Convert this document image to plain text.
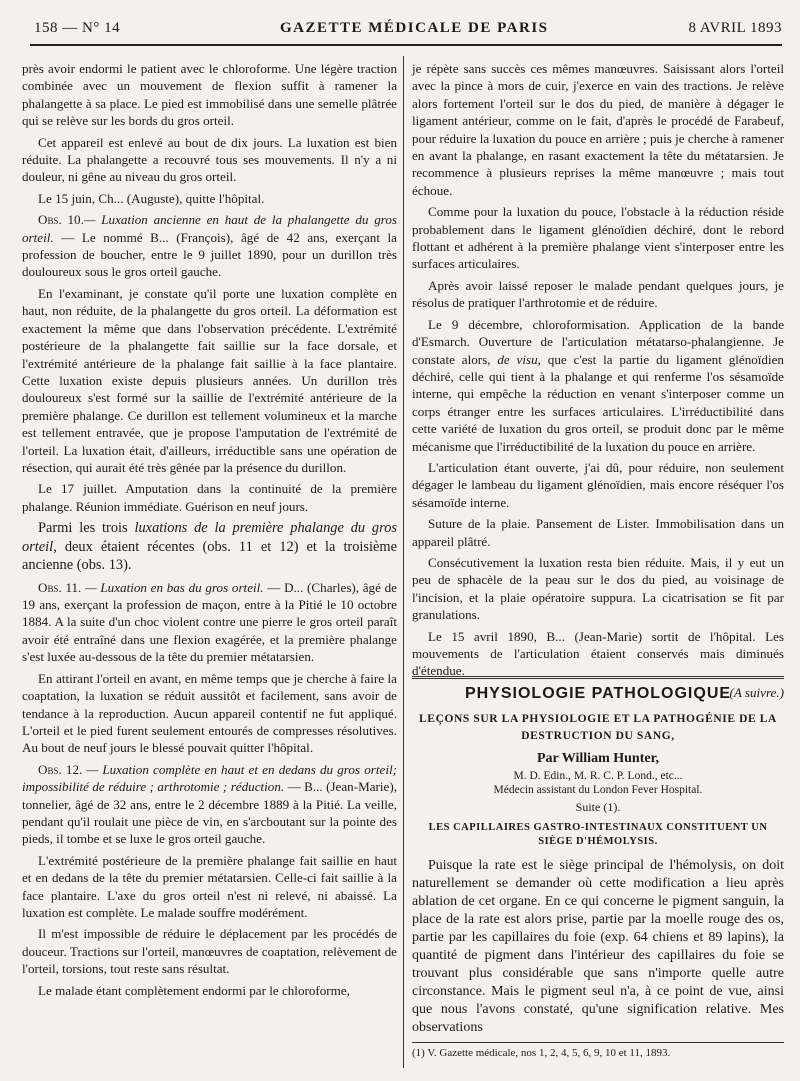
158 — N° 14	GAZETTE MÉDICALE DE PARIS	8 AVRIL 1893

près avoir endormi le patient avec le chloroforme. Une légère traction combinée avec un mouvement de flexion suffit à ramener la phalangette à sa place. Le pied est immobilisé dans une semelle plâtrée qui se relève sur les bords du gros orteil.

Cet appareil est enlevé au bout de dix jours. La luxation est bien réduite. La phalangette a recouvré tous ses mouvements. Il n'y a ni douleur, ni gêne au niveau du gros orteil.

Le 15 juin, Ch... (Auguste), quitte l'hôpital.

Obs. 10.— Luxation ancienne en haut de la phalangette du gros orteil. — Le nommé B... (François), âgé de 42 ans, exerçant la profession de boucher, entre le 9 juillet 1890, pour un durillon très douloureux sous le gros orteil gauche.

En l'examinant, je constate qu'il porte une luxation complète en haut, non réduite, de la phalangette du gros orteil. La déformation est exactement la même que dans l'observation précédente. L'extrémité postérieure de la phalangette fait saillie sur la face dorsale, et l'extrémité antérieure de la phalange fait saillie à la face plantaire. Cette luxation existe depuis plusieurs années. Un durillon très douloureux s'est formé sur la saillie de l'extrémité antérieure de la première phalange. Ce durillon est tellement volumineux et la marche est tellement entravée, que je propose l'amputation de l'extrémité de l'orteil. La luxation était, d'ailleurs, irréductible sans une opération de résection, qui aurait été très gênée par la présence du durillon.

Le 17 juillet. Amputation dans la continuité de la première phalange. Réunion immédiate. Guérison en neuf jours.

Parmi les trois luxations de la première phalange du gros orteil, deux étaient récentes (obs. 11 et 12) et la troisième ancienne (obs. 13).

Obs. 11. — Luxation en bas du gros orteil. — D... (Charles), âgé de 19 ans, exerçant la profession de maçon, entre à la Pitié le 10 octobre 1884. A la suite d'un choc violent contre une pierre le gros orteil paraît avoir été entraîné dans une flexion exagérée, et la première phalange s'est luxée au-dessous de la tête du premier métatarsien.

En attirant l'orteil en avant, en même temps que je cherche à faire la coaptation, la luxation se réduit aussitôt et facilement, sans avoir de tendance à la reproduction. Aucun appareil contentif ne fut appliqué. L'orteil et le pied furent seulement entourés de compresses résolutives. Au bout de neuf jours le blessé pouvait quitter l'hôpital.

Obs. 12. — Luxation complète en haut et en dedans du gros orteil; impossibilité de réduire ; arthrotomie ; réduction. — B... (Jean-Marie), tonnelier, âgé de 32 ans, entre le 2 décembre 1889 à la Pitié. La veille, pendant qu'il roulait une pièce de vin, en s'arcboutant sur la pointe des pieds, il tombe et se luxe le gros orteil gauche.

L'extrémité postérieure de la première phalange fait saillie en haut et en dedans de la tête du premier métatarsien. Celle-ci fait saillie à la face plantaire. L'axe du gros orteil n'est ni relevé, ni abaissé. La luxation est complète. Le malade souffre modérément.

Il m'est impossible de réduire le déplacement par les procédés de douceur. Tractions sur l'orteil, manœuvres de coaptation, relèvement de l'orteil, torsions, tout reste sans résultat.

Le malade étant complètement endormi par le chloroforme,

je répète sans succès ces mêmes manœuvres. Saisissant alors l'orteil avec la pince à mors de cuir, j'exerce en vain des tractions. Je relève alors fortement l'orteil sur le dos du pied, de manière à dégager le ligament antérieur, comme on le fait, d'après le procédé de Farabeuf, pour réduire la luxation du pouce en arrière ; puis je cherche à ramener en avant la phalange, en rasant exactement la tête du métatarsien. Je recommence à plusieurs reprises la même manœuvre ; mais tout échoue.

Comme pour la luxation du pouce, l'obstacle à la réduction réside probablement dans le ligament glénoïdien déchiré, dont le rebord flottant et adhérent à la première phalange vient s'interposer entre les surfaces articulaires.

Après avoir laissé reposer le malade pendant quelques jours, je résolus de pratiquer l'arthrotomie et de réduire.

Le 9 décembre, chloroformisation. Application de la bande d'Esmarch. Ouverture de l'articulation métatarso-phalangienne. Je constate alors, de visu, que c'est la partie du ligament glénoïdien déchiré, celle qui tient à la phalange et qui renferme l'os sésamoïde interne, qui empêche la réduction en venant s'interposer comme un corps étranger entre les surfaces articulaires. L'irréductibilité dans cette variété de luxation du gros orteil, se produit donc par le même mécanisme que l'irréductibilité de la luxation du pouce en arrière.

L'articulation étant ouverte, j'ai dû, pour réduire, non seulement dégager le lambeau du ligament glénoïdien, mais encore réséquer l'os sésamoïde interne.

Suture de la plaie. Pansement de Lister. Immobilisation dans un appareil plâtré.

Consécutivement la luxation resta bien réduite. Mais, il y eut un peu de sphacèle de la peau sur le dos du pied, au voisinage de l'incision, et la plaie opératoire suppura. La cicatrisation se fit par granulations.

Le 15 avril 1890, B... (Jean-Marie) sortit de l'hôpital. Les mouvements de l'articulation étaient conservés mais diminués d'étendue.

(A suivre.)

PHYSIOLOGIE PATHOLOGIQUE
LEÇONS SUR LA PHYSIOLOGIE ET LA PATHOGÉNIE DE LA DESTRUCTION DU SANG,
Par William Hunter,
M. D. Edin., M. R. C. P. Lond., etc...
Médecin assistant du London Fever Hospital.
Suite (1).
LES CAPILLAIRES GASTRO-INTESTINAUX CONSTITUENT UN SIÈGE D'HÉMOLYSIS.

Puisque la rate est le siège principal de l'hémolysis, on doit naturellement se demander où cette modification a lieu après ablation de cet organe. En ce qui concerne le pigment sanguin, la place de la rate est alors prise, partie par la moelle rouge des os, partie par les capillaires du foie (exp. 64 chiens et 89 lapins), la quantité de pigment dans l'intérieur des capillaires du foie se trouvant plus considérable que sans n'importe quelle autre circonstance. Mais le pigment seul n'a, à ce point de vue, ainsi que nous l'avons constaté, qu'une signification relative. Mes observations

(1) V. Gazette médicale, nos 1, 2, 4, 5, 6, 9, 10 et 11, 1893.
